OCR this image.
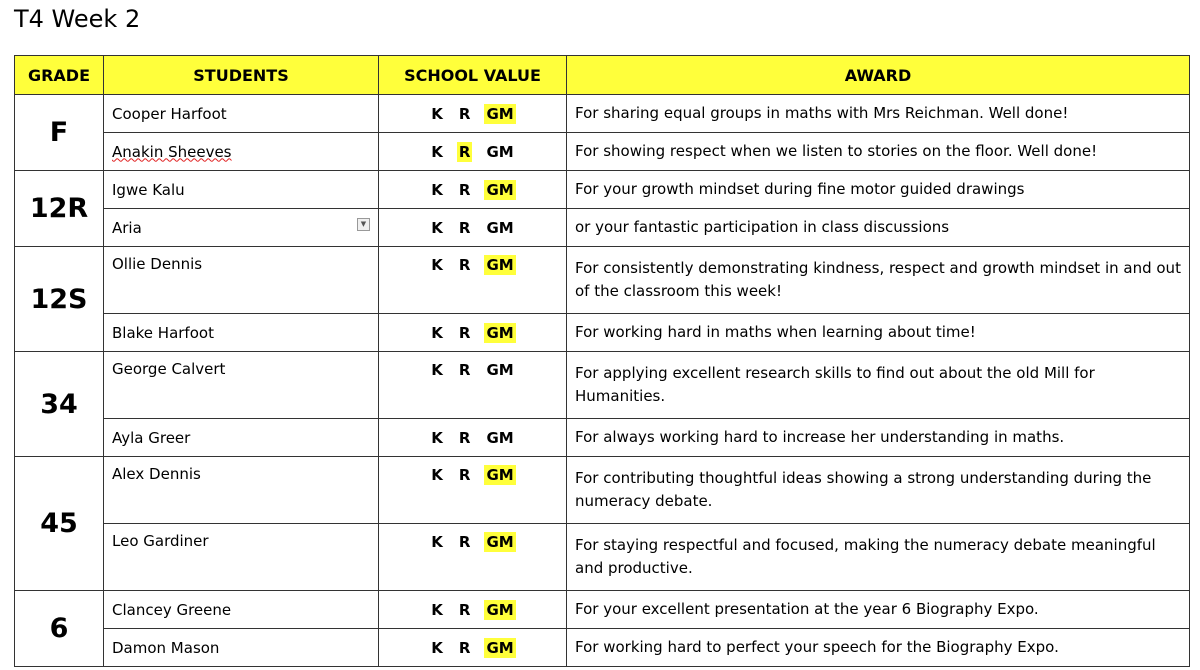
T4 Week 2
GRADE	STUDENTS	SCHOOL VALUE	AWARD
F	Cooper Harfoot	K R GM	For sharing equal groups in maths with Mrs Reichman. Well done!
	Anakin Sheeves	K R GM	For showing respect when we listen to stories on the floor. Well done!
12R	Igwe Kalu	K R GM	For your growth mindset during fine motor guided drawings
	Aria ▼	K R GM	or your fantastic participation in class discussions
12S	Ollie Dennis	K R GM	For consistently demonstrating kindness, respect and growth mindset in and out of the classroom this week!
	Blake Harfoot	K R GM	For working hard in maths when learning about time!
34	George Calvert	K R GM	For applying excellent research skills to find out about the old Mill for Humanities.
	Ayla Greer	K R GM	For always working hard to increase her understanding in maths.
45	Alex Dennis	K R GM	For contributing thoughtful ideas showing a strong understanding during the numeracy debate.
	Leo Gardiner	K R GM	For staying respectful and focused, making the numeracy debate meaningful and productive.
6	Clancey Greene	K R GM	For your excellent presentation at the year 6 Biography Expo.
	Damon Mason	K R GM	For working hard to perfect your speech for the Biography Expo.
